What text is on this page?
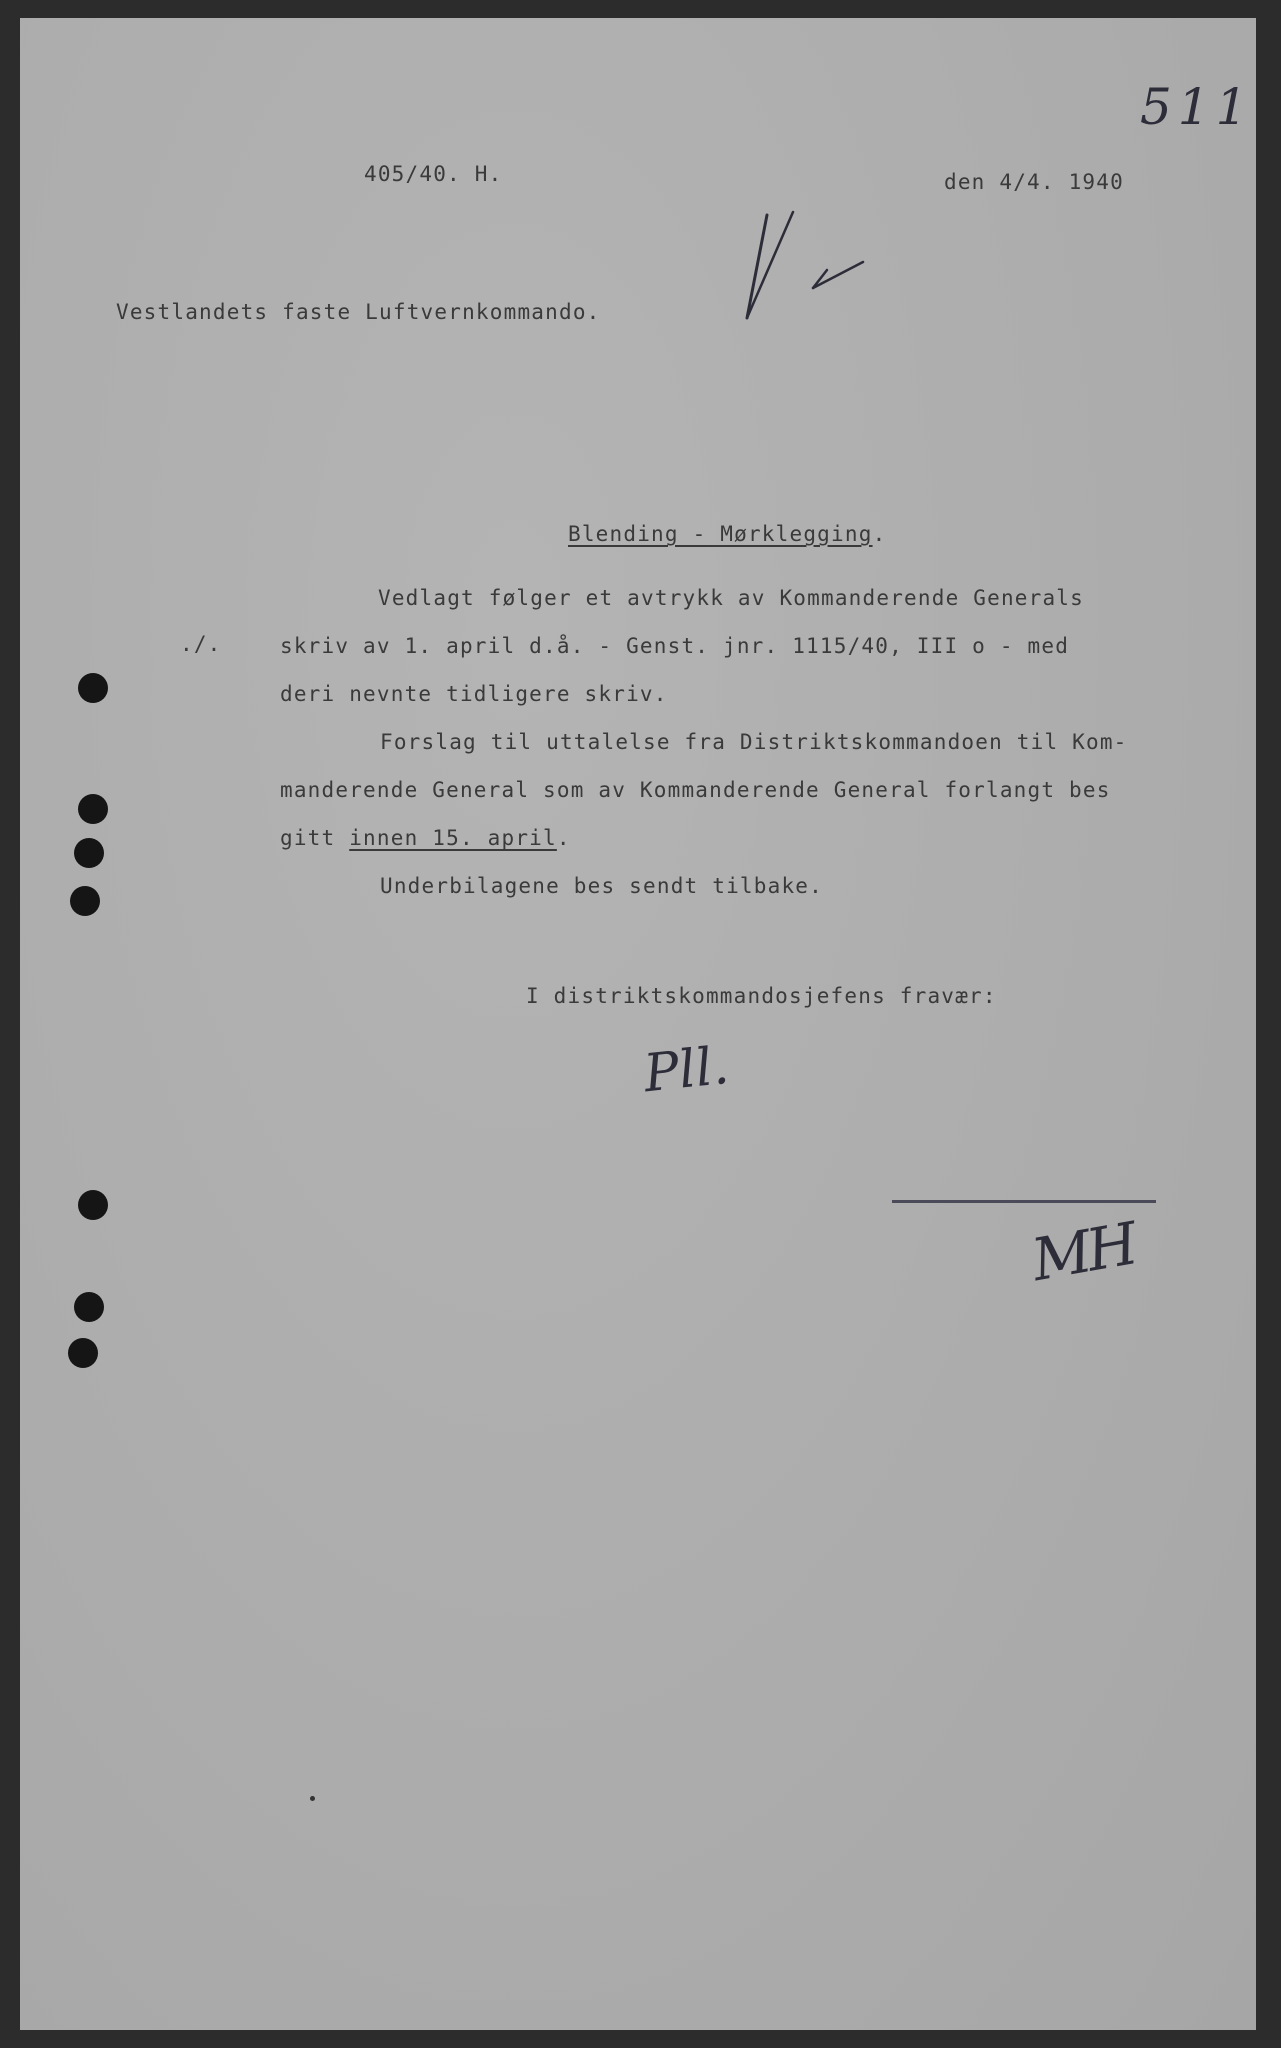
511
405/40. H.	den 4/4. 1940
Vestlandets faste Luftvernkommando.
Blending - Mørklegging.
./.
Vedlagt følger et avtrykk av Kommanderende Generals
skriv av 1. april d.å. - Genst. jnr. 1115/40, III o - med
deri nevnte tidligere skriv.
Forslag til uttalelse fra Distriktskommandoen til Kom-
manderende General som av Kommanderende General forlangt bes
gitt innen 15. april.
Underbilagene bes sendt tilbake.
I distriktskommandosjefens fravær:
Pll.
MH
